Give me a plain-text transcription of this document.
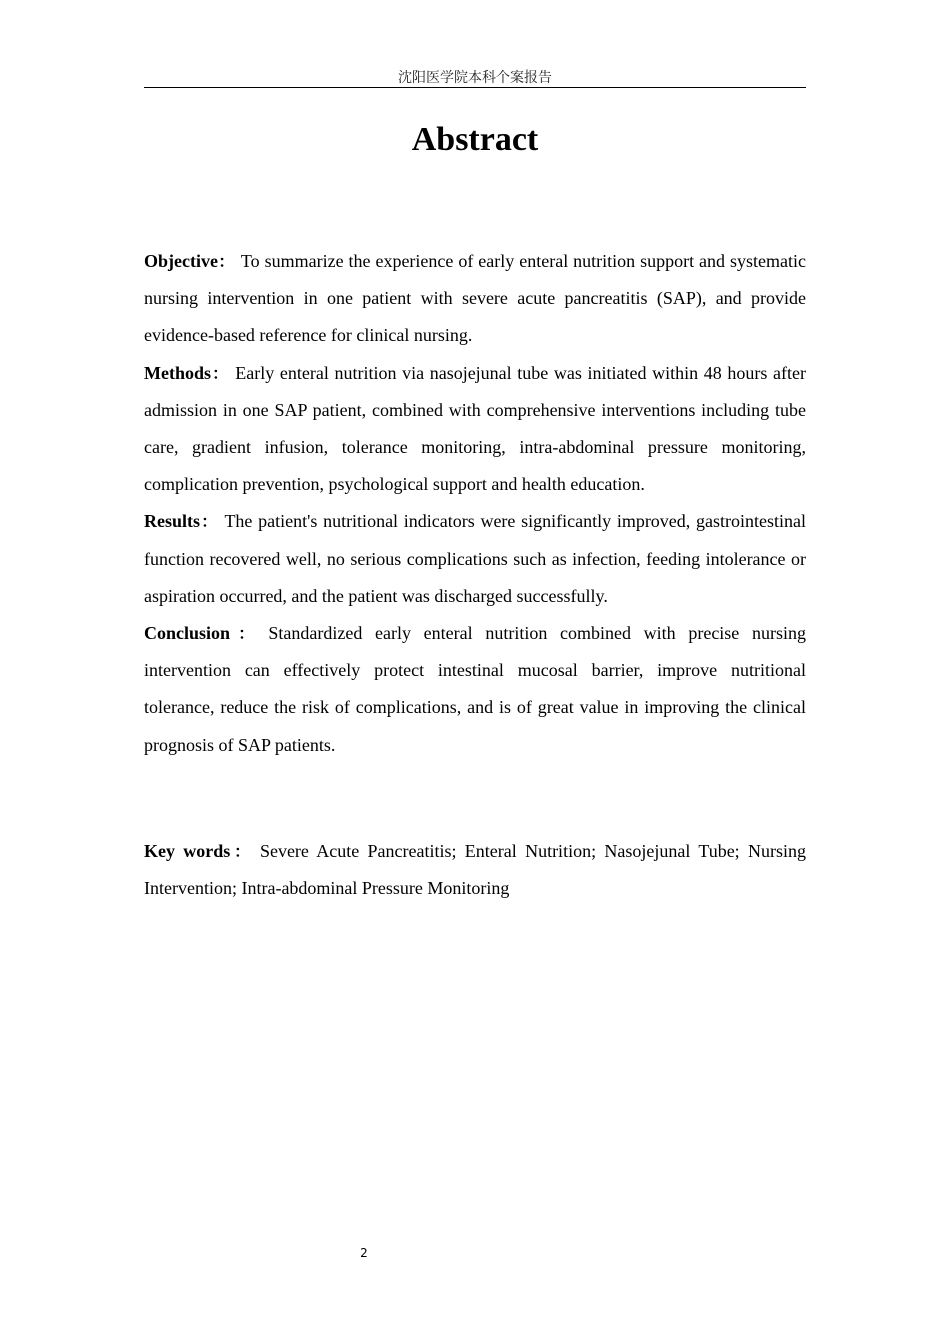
沈阳医学院本科个案报告
Abstract

Objective： To summarize the experience of early enteral nutrition support and systematic nursing intervention in one patient with severe acute pancreatitis (SAP), and provide evidence-based reference for clinical nursing.

Methods： Early enteral nutrition via nasojejunal tube was initiated within 48 hours after admission in one SAP patient, combined with comprehensive interventions including tube care, gradient infusion, tolerance monitoring, intra-abdominal pressure monitoring, complication prevention, psychological support and health education.

Results： The patient's nutritional indicators were significantly improved, gastrointestinal function recovered well, no serious complications such as infection, feeding intolerance or aspiration occurred, and the patient was discharged successfully.

Conclusion： Standardized early enteral nutrition combined with precise nursing intervention can effectively protect intestinal mucosal barrier, improve nutritional tolerance, reduce the risk of complications, and is of great value in improving the clinical prognosis of SAP patients.

Key words： Severe Acute Pancreatitis; Enteral Nutrition; Nasojejunal Tube; Nursing Intervention; Intra-abdominal Pressure Monitoring

2
